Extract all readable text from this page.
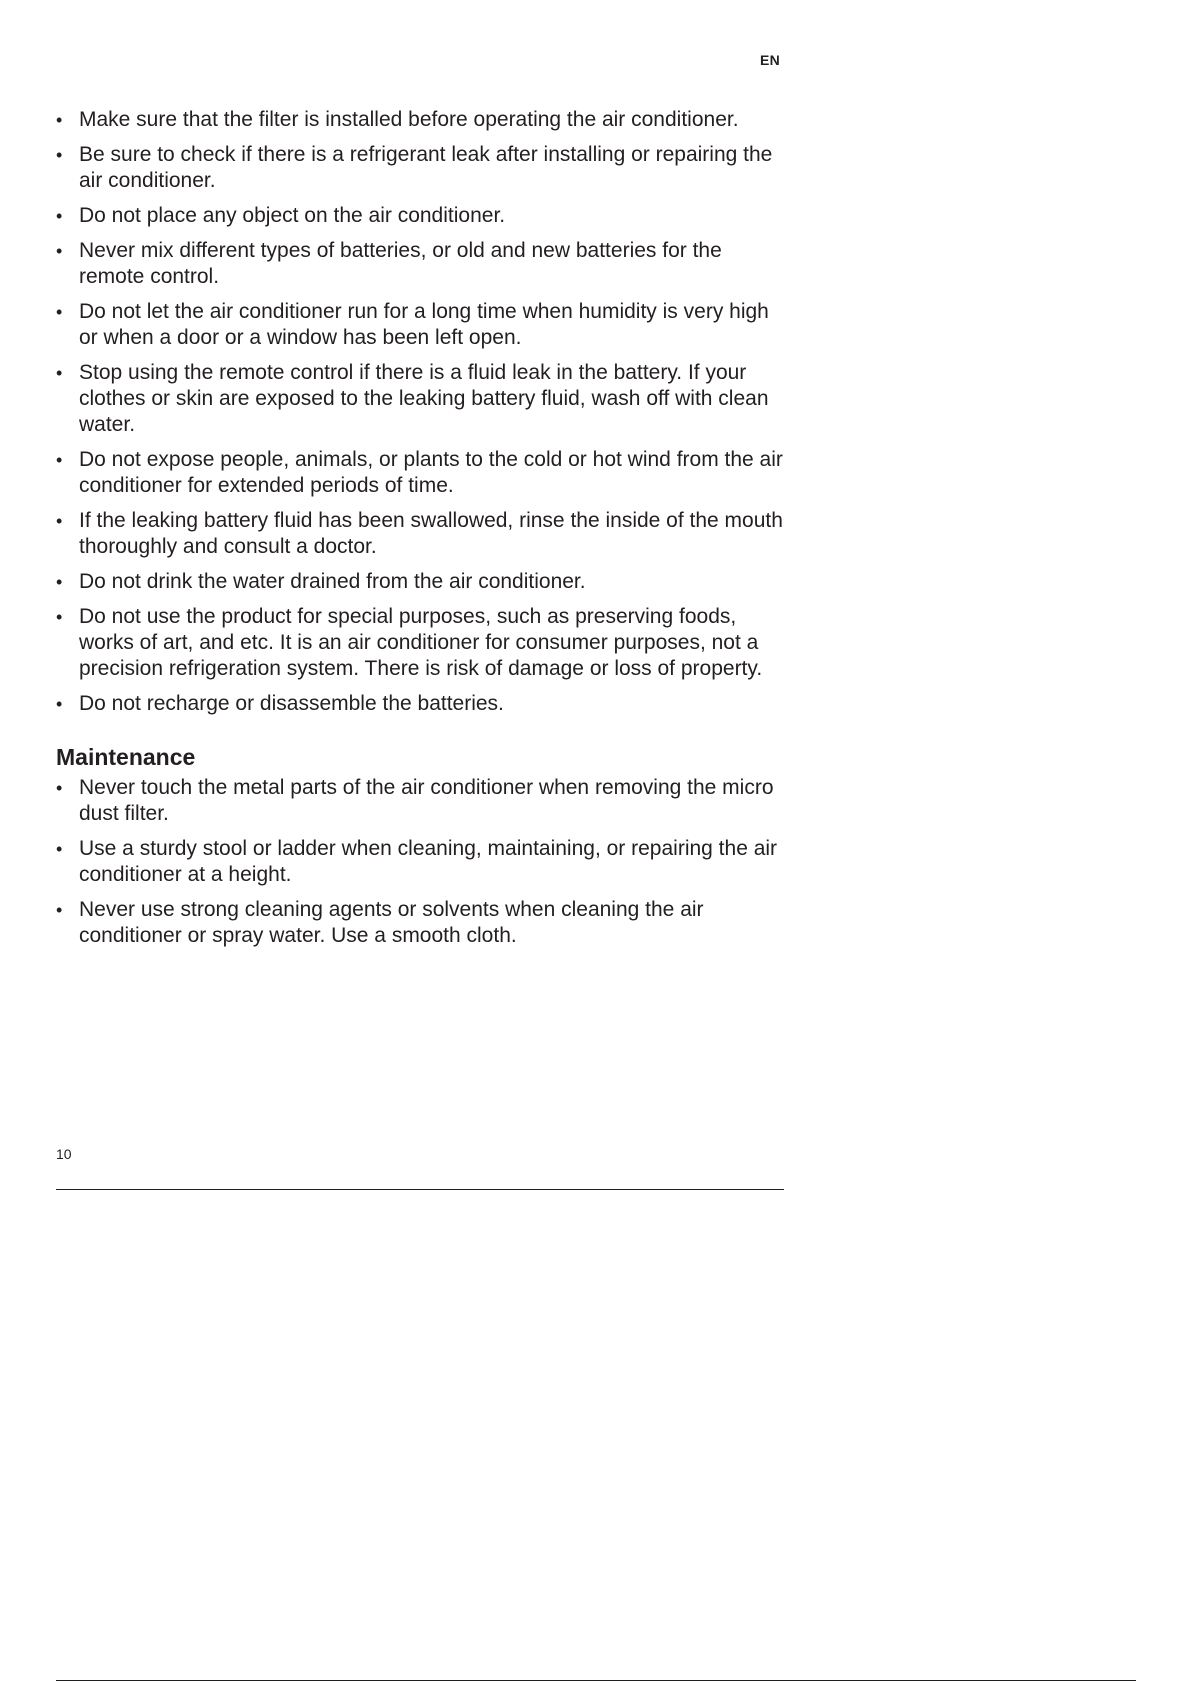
EN
• Make sure that the filter is installed before operating the air conditioner.
• Be sure to check if there is a refrigerant leak after installing or repairing the air conditioner.
• Do not place any object on the air conditioner.
• Never mix different types of batteries, or old and new batteries for the remote control.
• Do not let the air conditioner run for a long time when humidity is very high or when a door or a window has been left open.
• Stop using the remote control if there is a fluid leak in the battery. If your clothes or skin are exposed to the leaking battery fluid, wash off with clean water.
• Do not expose people, animals, or plants to the cold or hot wind from the air conditioner for extended periods of time.
• If the leaking battery fluid has been swallowed, rinse the inside of the mouth thoroughly and consult a doctor.
• Do not drink the water drained from the air conditioner.
• Do not use the product for special purposes, such as preserving foods, works of art, and etc. It is an air conditioner for consumer purposes, not a precision refrigeration system. There is risk of damage or loss of property.
• Do not recharge or disassemble the batteries.
Maintenance
• Never touch the metal parts of the air conditioner when removing the micro dust filter.
• Use a sturdy stool or ladder when cleaning, maintaining, or repairing the air conditioner at a height.
• Never use strong cleaning agents or solvents when cleaning the air conditioner or spray water. Use a smooth cloth.
10
